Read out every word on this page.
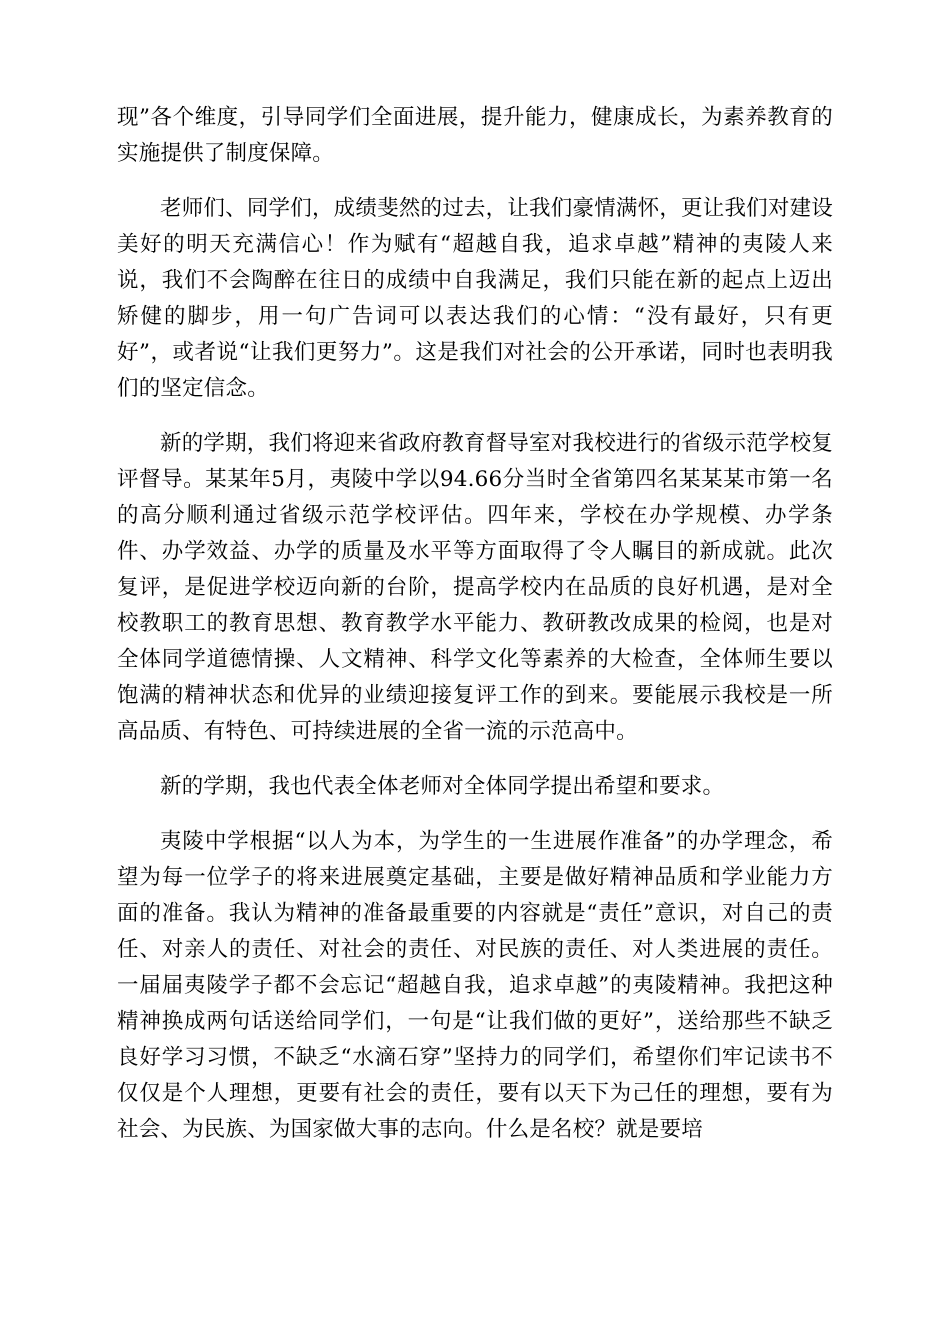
现”各个维度，引导同学们全面进展，提升能力，健康成长，为素养教育的实施提供了制度保障。

老师们、同学们，成绩斐然的过去，让我们豪情满怀，更让我们对建设美好的明天充满信心！作为赋有“超越自我，追求卓越”精神的夷陵人来说，我们不会陶醉在往日的成绩中自我满足，我们只能在新的起点上迈出矫健的脚步，用一句广告词可以表达我们的心情：“没有最好，只有更好”，或者说“让我们更努力”。这是我们对社会的公开承诺，同时也表明我们的坚定信念。

新的学期，我们将迎来省政府教育督导室对我校进行的省级示范学校复评督导。某某年5月，夷陵中学以94.66分当时全省第四名某某某市第一名的高分顺利通过省级示范学校评估。四年来，学校在办学规模、办学条件、办学效益、办学的质量及水平等方面取得了令人瞩目的新成就。此次复评，是促进学校迈向新的台阶，提高学校内在品质的良好机遇，是对全校教职工的教育思想、教育教学水平能力、教研教改成果的检阅，也是对全体同学道德情操、人文精神、科学文化等素养的大检查，全体师生要以饱满的精神状态和优异的业绩迎接复评工作的到来。要能展示我校是一所高品质、有特色、可持续进展的全省一流的示范高中。

新的学期，我也代表全体老师对全体同学提出希望和要求。

夷陵中学根据“以人为本，为学生的一生进展作准备”的办学理念，希望为每一位学子的将来进展奠定基础，主要是做好精神品质和学业能力方面的准备。我认为精神的准备最重要的内容就是“责任”意识，对自己的责任、对亲人的责任、对社会的责任、对民族的责任、对人类进展的责任。一届届夷陵学子都不会忘记“超越自我，追求卓越”的夷陵精神。我把这种精神换成两句话送给同学们，一句是“让我们做的更好”，送给那些不缺乏良好学习习惯，不缺乏“水滴石穿”坚持力的同学们，希望你们牢记读书不仅仅是个人理想，更要有社会的责任，要有以天下为己任的理想，要有为社会、为民族、为国家做大事的志向。什么是名校？就是要培
